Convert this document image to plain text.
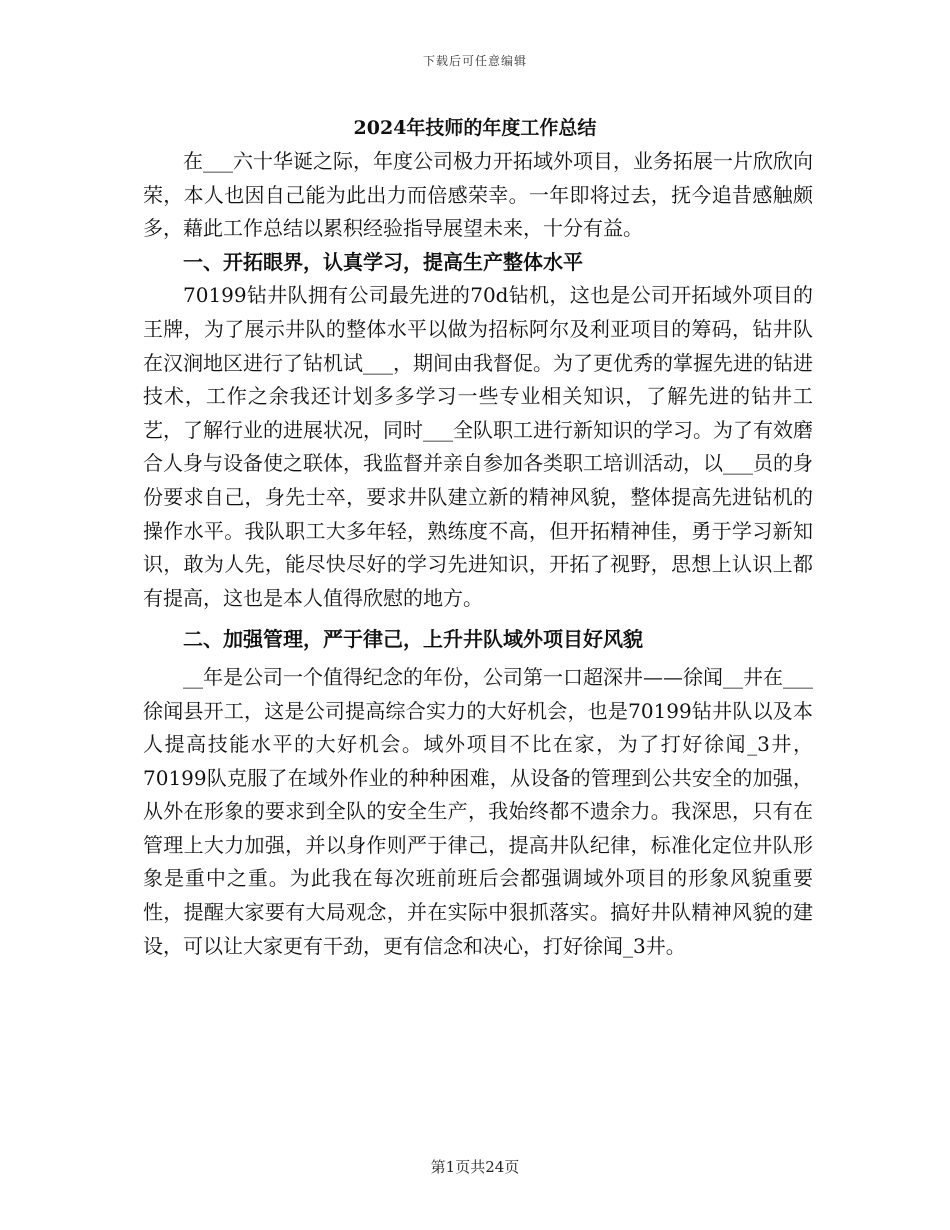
下载后可任意编辑
2024年技师的年度工作总结

在___六十华诞之际，年度公司极力开拓域外项目，业务拓展一片欣欣向荣，本人也因自己能为此出力而倍感荣幸。一年即将过去，抚今追昔感触颇多，藉此工作总结以累积经验指导展望未来，十分有益。

一、开拓眼界，认真学习，提高生产整体水平

70199钻井队拥有公司最先进的70d钻机，这也是公司开拓域外项目的王牌，为了展示井队的整体水平以做为招标阿尔及利亚项目的筹码，钻井队在汉涧地区进行了钻机试___，期间由我督促。为了更优秀的掌握先进的钻进技术，工作之余我还计划多多学习一些专业相关知识，了解先进的钻井工艺，了解行业的进展状况，同时___全队职工进行新知识的学习。为了有效磨合人身与设备使之联体，我监督并亲自参加各类职工培训活动，以___员的身份要求自己，身先士卒，要求井队建立新的精神风貌，整体提高先进钻机的操作水平。我队职工大多年轻，熟练度不高，但开拓精神佳，勇于学习新知识，敢为人先，能尽快尽好的学习先进知识，开拓了视野，思想上认识上都有提高，这也是本人值得欣慰的地方。

二、加强管理，严于律己，上升井队域外项目好风貌

__年是公司一个值得纪念的年份，公司第一口超深井——徐闻__井在___徐闻县开工，这是公司提高综合实力的大好机会，也是70199钻井队以及本人提高技能水平的大好机会。域外项目不比在家，为了打好徐闻_3井，70199队克服了在域外作业的种种困难，从设备的管理到公共安全的加强，从外在形象的要求到全队的安全生产，我始终都不遗余力。我深思，只有在管理上大力加强，并以身作则严于律己，提高井队纪律，标准化定位井队形象是重中之重。为此我在每次班前班后会都强调域外项目的形象风貌重要性，提醒大家要有大局观念，并在实际中狠抓落实。搞好井队精神风貌的建设，可以让大家更有干劲，更有信念和决心，打好徐闻_3井。

第1页共24页
